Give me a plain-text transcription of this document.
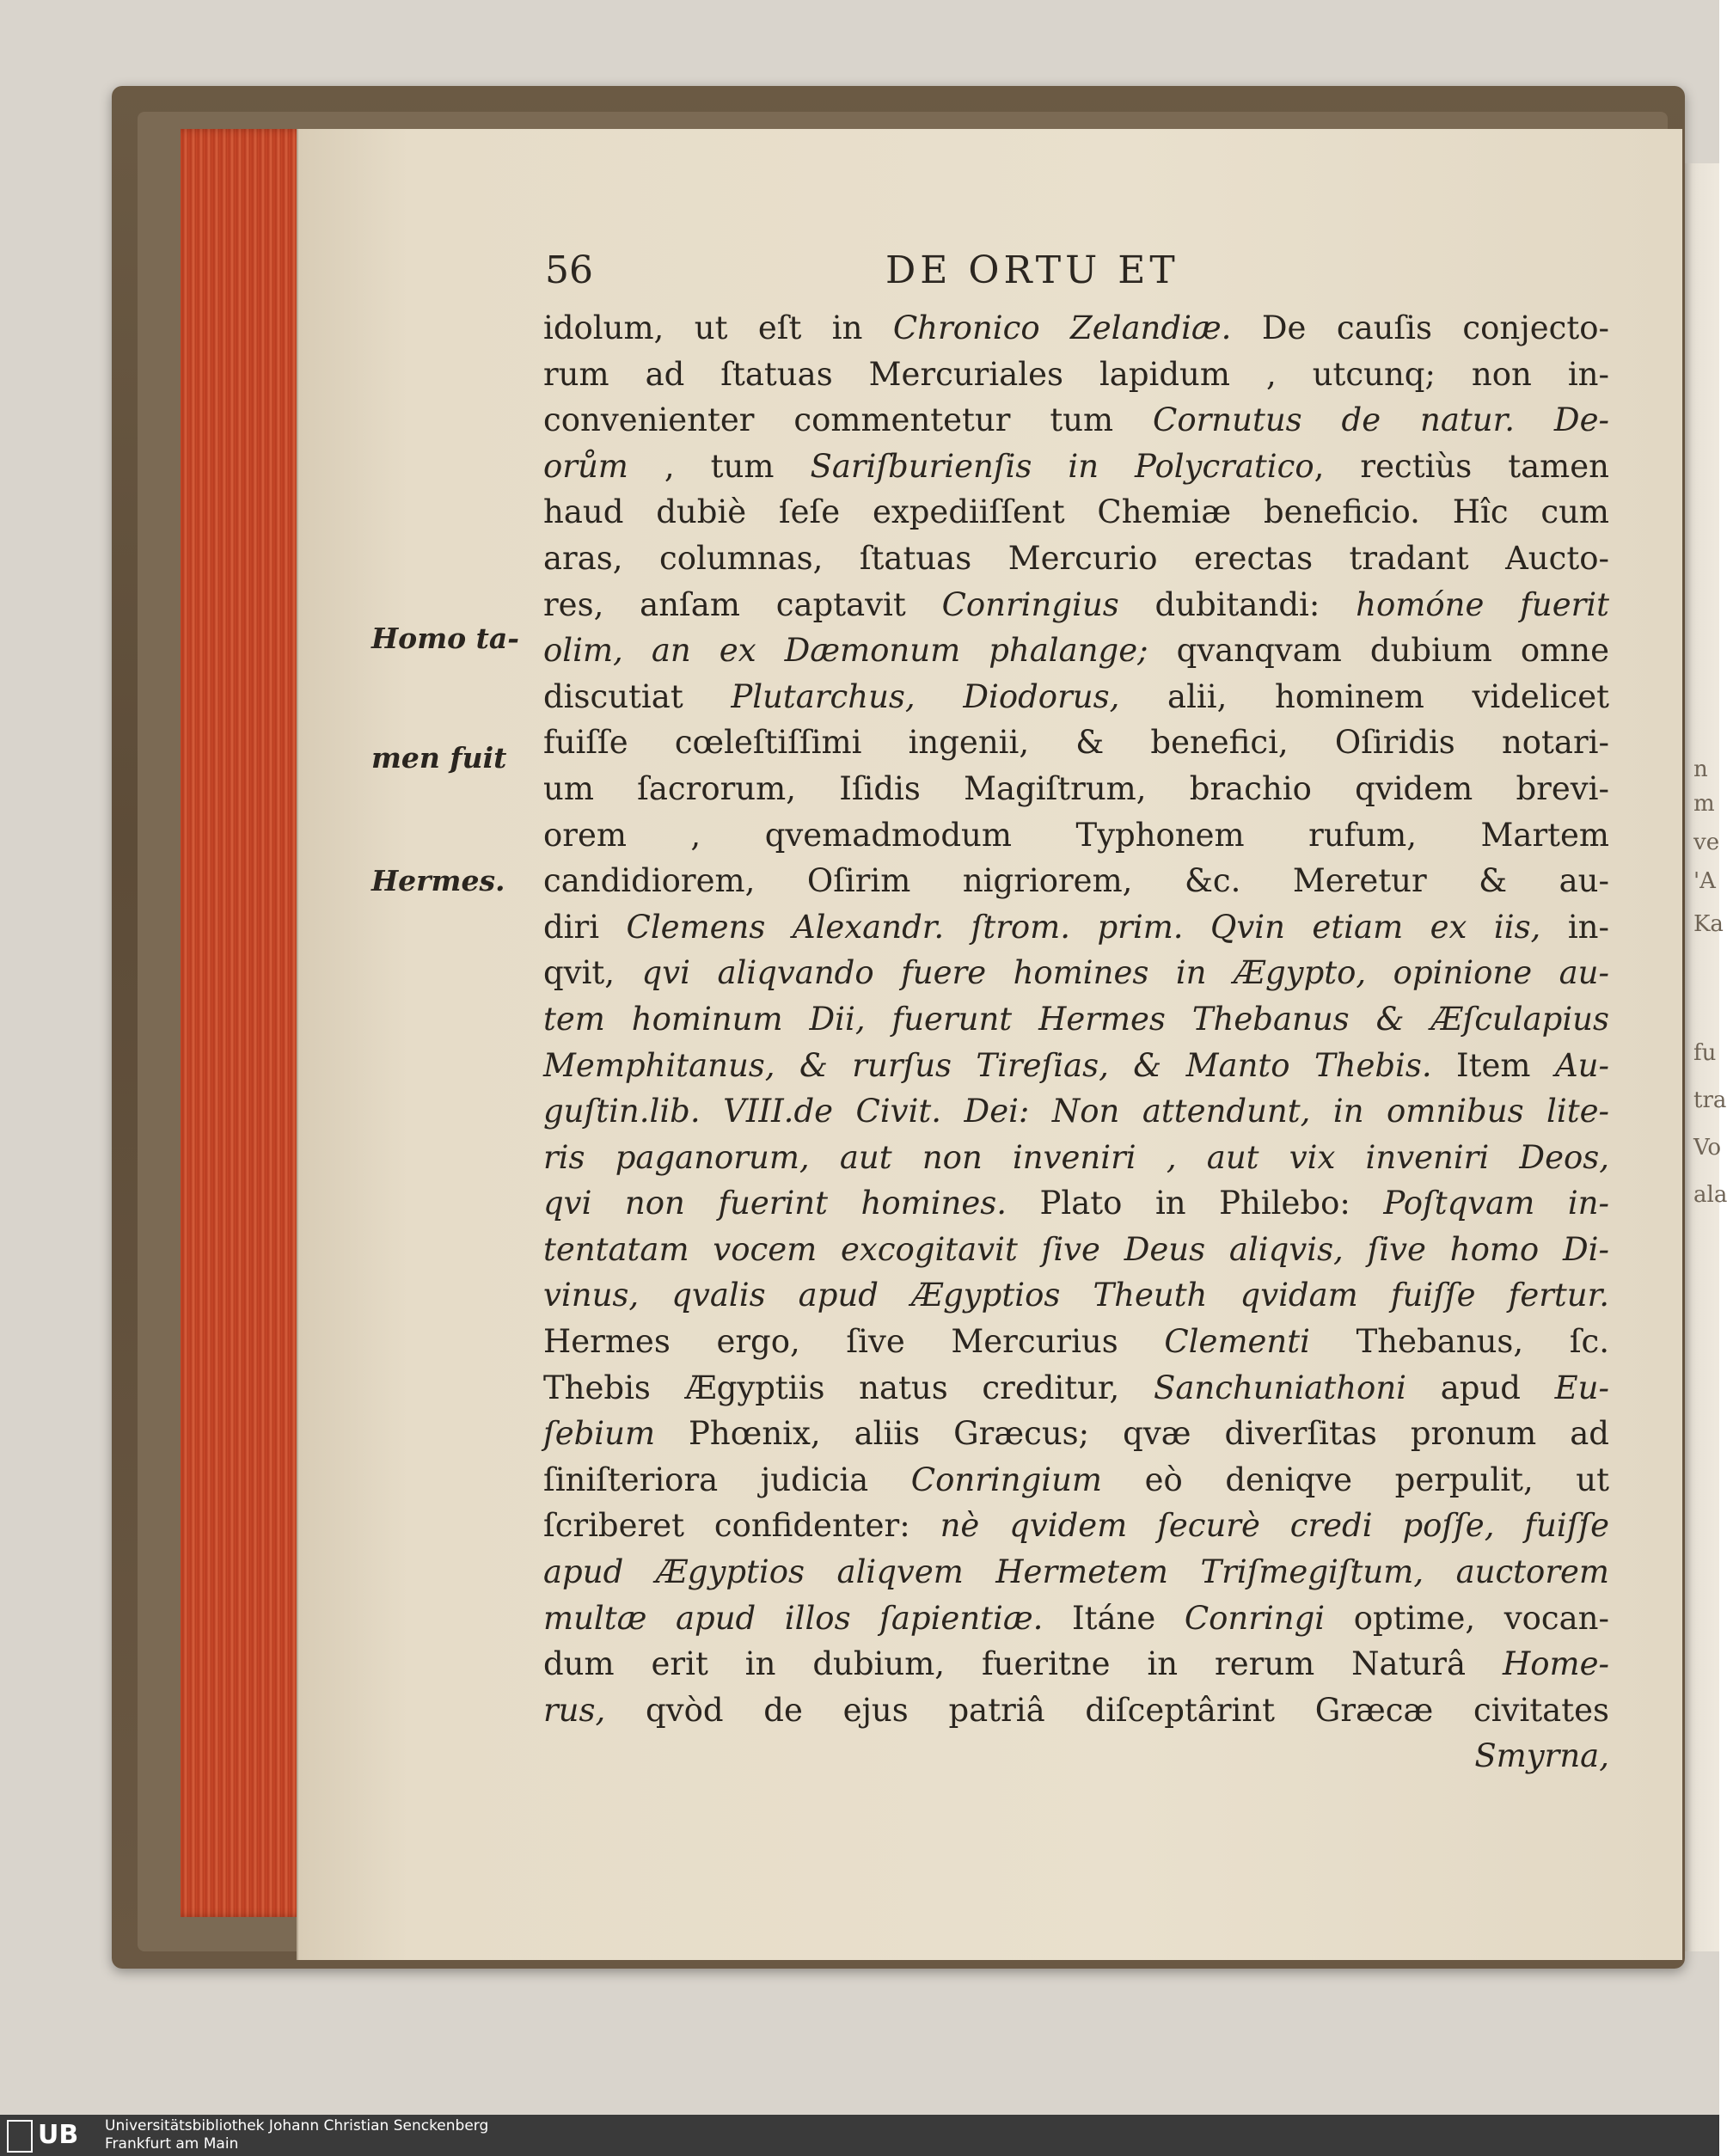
n
m
ve
'A
Ka
fu
tra
Vo
ala
56	DE ORTU ET
Homo ta-
men fuit
Hermes.
idolum, ut eſt in Chronico Zelandiæ. De cauſis conjecto-
rum ad ſtatuas Mercuriales lapidum , utcunq; non in-
convenienter commentetur tum Cornutus de natur. De-
orům , tum Sariſburienſis in Polycratico, rectiùs tamen
haud dubiè ſeſe expediiſſent Chemiæ beneficio. Hîc cum
aras, columnas, ſtatuas Mercurio erectas tradant Aucto-
res, anſam captavit Conringius dubitandi: homóne fuerit
olim, an ex Dæmonum phalange; qvanqvam dubium omne
discutiat Plutarchus, Diodorus, alii, hominem videlicet
fuiſſe cœleſtiſſimi ingenii, & benefici, Oſiridis notari-
um ſacrorum, Iſidis Magiſtrum, brachio qvidem brevi-
orem , qvemadmodum Typhonem rufum, Martem
candidiorem, Oſirim nigriorem, &c. Meretur & au-
diri Clemens Alexandr. ſtrom. prim. Qvin etiam ex iis, in-
qvit, qvi aliqvando fuere homines in Ægypto, opinione au-
tem hominum Dii, fuerunt Hermes Thebanus & Æſculapius
Memphitanus, & rurſus Tireſias, & Manto Thebis. Item Au-
guſtin.lib. VIII.de Civit. Dei: Non attendunt, in omnibus lite-
ris paganorum, aut non inveniri , aut vix inveniri Deos,
qvi non fuerint homines. Plato in Philebo: Poſtqvam in-
tentatam vocem excogitavit ſive Deus aliqvis, ſive homo Di-
vinus, qvalis apud Ægyptios Theuth qvidam fuiſſe fertur.
Hermes ergo, ſive Mercurius Clementi Thebanus, ſc.
Thebis Ægyptiis natus creditur, Sanchuniathoni apud Eu-
ſebium Phœnix, aliis Græcus; qvæ diverſitas pronum ad
ſiniſteriora judicia Conringium eò deniqve perpulit, ut
ſcriberet confidenter: nè qvidem ſecurè credi poſſe, fuiſſe
apud Ægyptios aliqvem Hermetem Triſmegiſtum, auctorem
multæ apud illos ſapientiæ. Itáne Conringi optime, vocan-
dum erit in dubium, fueritne in rerum Naturâ Home-
rus, qvòd de ejus patriâ diſceptârint Græcæ civitates
Smyrna,
UB	Universitätsbibliothek Johann Christian Senckenberg
Frankfurt am Main
